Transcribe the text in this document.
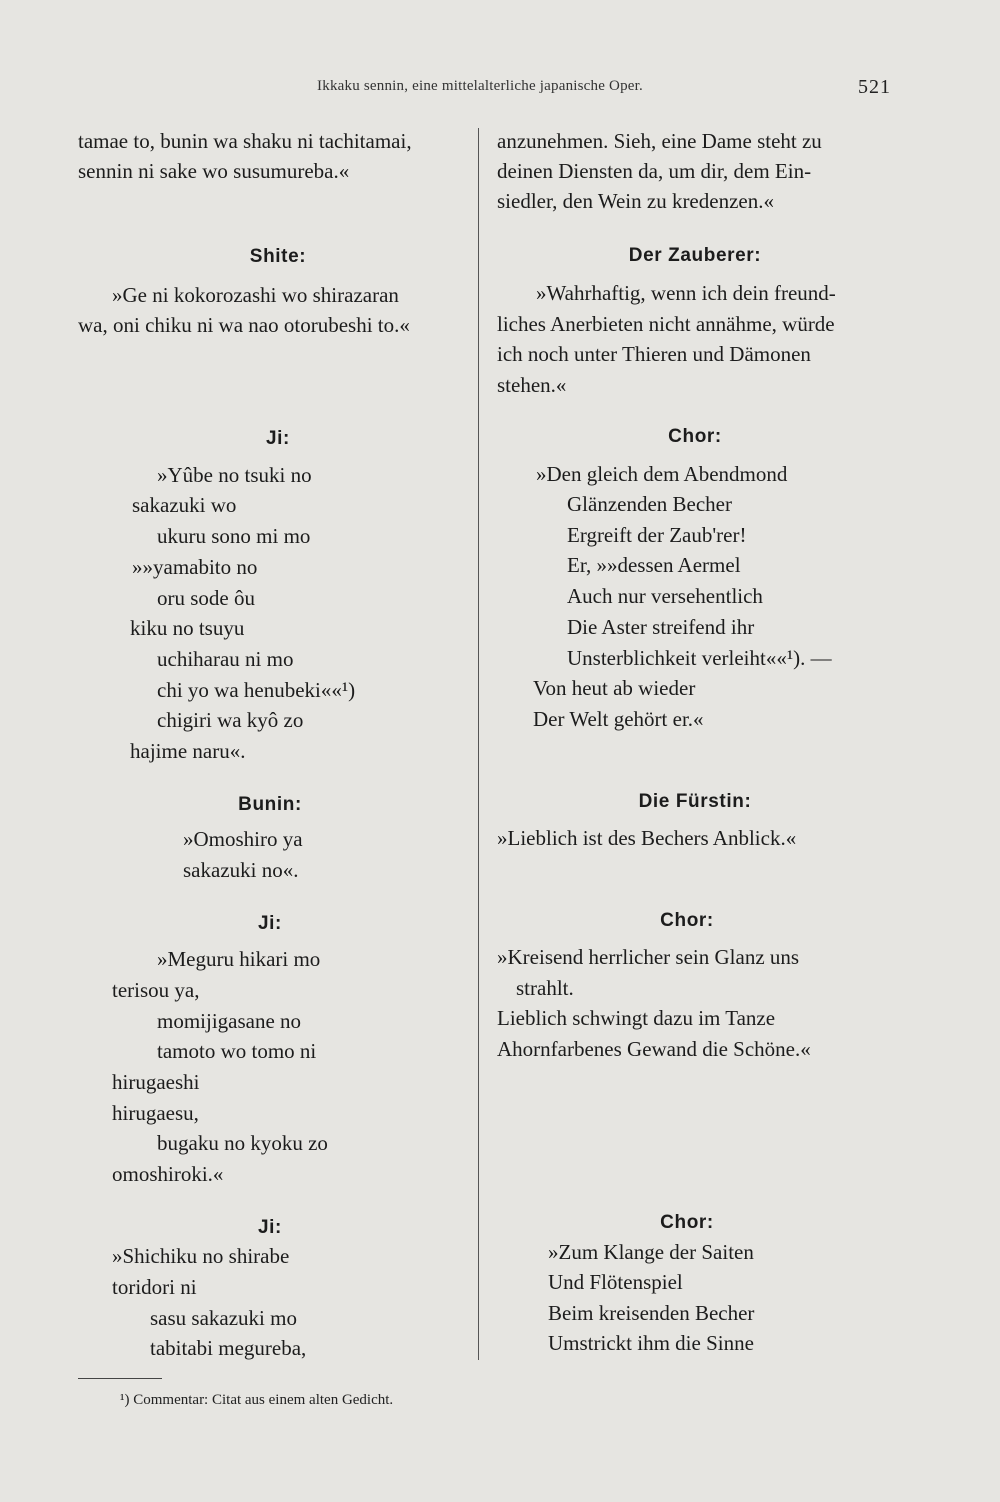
Ikkaku sennin, eine mittelalterliche japanische Oper.	521
tamae to, bunin wa shaku ni tachitamai,
sennin ni sake wo susumureba.«
Shite:
»Ge ni kokorozashi wo shirazaran
wa, oni chiku ni wa nao otorubeshi to.«
Ji:
»Yûbe no tsuki no
sakazuki wo
ukuru sono mi mo
»»yamabito no
oru sode ôu
kiku no tsuyu
uchiharau ni mo
chi yo wa henubeki««¹)
chigiri wa kyô zo
hajime naru«.
Bunin:
»Omoshiro ya
sakazuki no«.
Ji:
»Meguru hikari mo
terisou ya,
momijigasane no
tamoto wo tomo ni
hirugaeshi
hirugaesu,
bugaku no kyoku zo
omoshiroki.«
Ji:
»Shichiku no shirabe
toridori ni
sasu sakazuki mo
tabitabi megureba,
anzunehmen. Sieh, eine Dame steht zu
deinen Diensten da, um dir, dem Ein-
siedler, den Wein zu kredenzen.«
Der Zauberer:
»Wahrhaftig, wenn ich dein freund-
liches Anerbieten nicht annähme, würde
ich noch unter Thieren und Dämonen
stehen.«
Chor:
»Den gleich dem Abendmond
Glänzenden Becher
Ergreift der Zaub'rer!
Er, »»dessen Aermel
Auch nur versehentlich
Die Aster streifend ihr
Unsterblichkeit verleiht««¹). —
Von heut ab wieder
Der Welt gehört er.«
Die Fürstin:
»Lieblich ist des Bechers Anblick.«
Chor:
»Kreisend herrlicher sein Glanz uns
strahlt.
Lieblich schwingt dazu im Tanze
Ahornfarbenes Gewand die Schöne.«
Chor:
»Zum Klange der Saiten
Und Flötenspiel
Beim kreisenden Becher
Umstrickt ihm die Sinne
¹) Commentar: Citat aus einem alten Gedicht.
